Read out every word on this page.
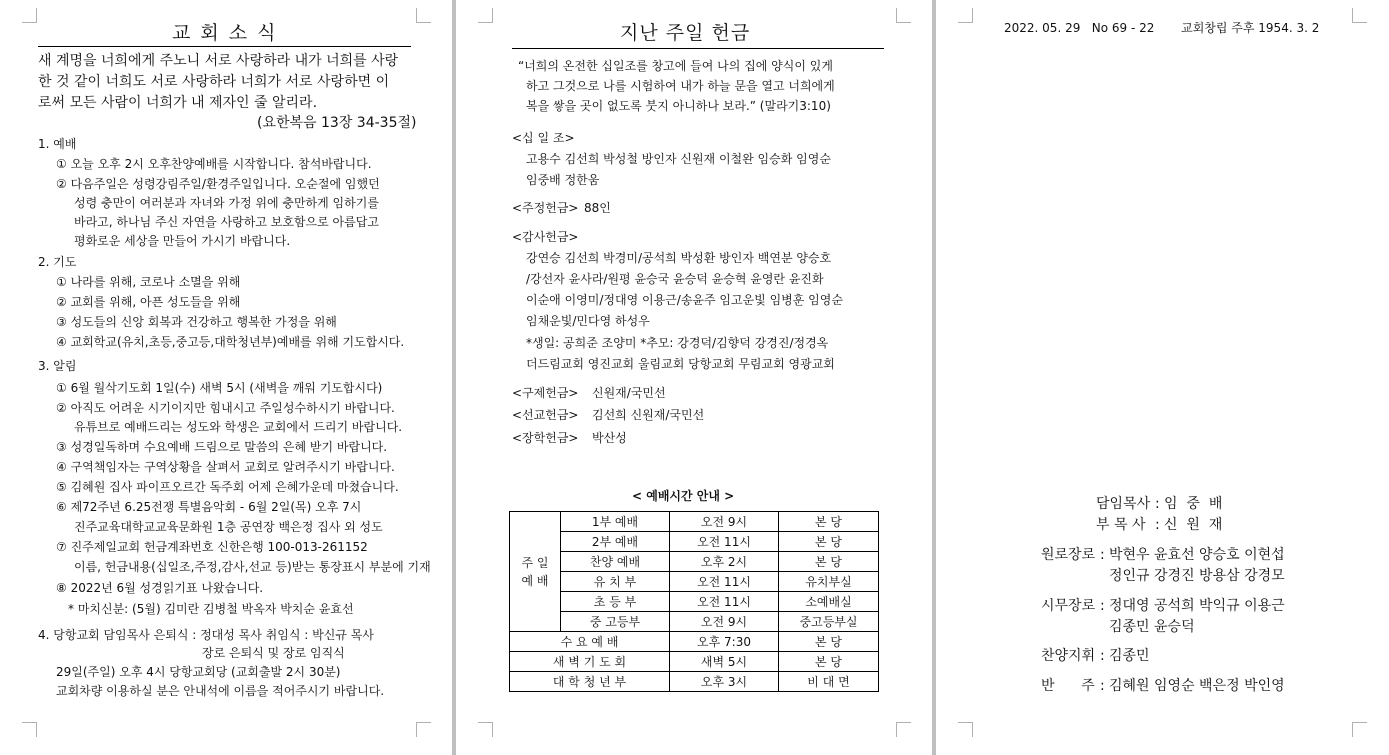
교 회 소 식
새 계명을 너희에게 주노니 서로 사랑하라 내가 너희를 사랑
한 것 같이 너희도 서로 사랑하라 너희가 서로 사랑하면 이
로써 모든 사람이 너희가 내 제자인 줄 알리라.
(요한복음 13장 34-35절)
1. 예배
① 오늘 오후 2시 오후찬양예배를 시작합니다. 참석바랍니다.
② 다음주일은 성령강림주일/환경주일입니다. 오순절에 임했던
성령 충만이 여러분과 자녀와 가정 위에 충만하게 임하기를
바라고, 하나님 주신 자연을 사랑하고 보호함으로 아름답고
평화로운 세상을 만들어 가시기 바랍니다.
2. 기도
① 나라를 위해, 코로나 소멸을 위해
② 교회를 위해, 아픈 성도들을 위해
③ 성도들의 신앙 회복과 건강하고 행복한 가정을 위해
④ 교회학교(유치,초등,중고등,대학청년부)예배를 위해 기도합시다.
3. 알림
① 6월 월삭기도회 1일(수) 새벽 5시 (새벽을 깨워 기도합시다)
② 아직도 어려운 시기이지만 힘내시고 주일성수하시기 바랍니다.
유튜브로 예배드리는 성도와 학생은 교회에서 드리기 바랍니다.
③ 성경일독하며 수요예배 드림으로 말씀의 은혜 받기 바랍니다.
④ 구역책임자는 구역상황을 살펴서 교회로 알려주시기 바랍니다.
⑤ 김혜원 집사 파이프오르간 독주회 어제 은혜가운데 마쳤습니다.
⑥ 제72주년 6.25전쟁 특별음악회 - 6월 2일(목) 오후 7시
진주교육대학교교육문화원 1층 공연장 백은정 집사 외 성도
⑦ 진주제일교회 헌금계좌번호 신한은행 100-013-261152
이름, 헌금내용(십일조,주정,감사,선교 등)받는 통장표시 부분에 기재
⑧ 2022년 6월 성경읽기표 나왔습니다.
* 마치신분: (5월) 김미란 김병철 박옥자 박치순 윤효선
4. 당항교회 담임목사 은퇴식 : 정대성 목사 취임식 : 박신규 목사
장로 은퇴식 및 장로 임직식
29일(주일) 오후 4시 당항교회당 (교회출발 2시 30분)
교회차량 이용하실 분은 안내석에 이름을 적어주시기 바랍니다.
지난 주일 헌금
“너희의 온전한 십일조를 창고에 들여 나의 집에 양식이 있게
하고 그것으로 나를 시험하여 내가 하늘 문을 열고 너희에게
복을 쌓을 곳이 없도록 붓지 아니하나 보라.” (말라기3:10)
<십 일 조>
고용수 김선희 박성철 방인자 신원재 이철완 임승화 임영순
임중배 정한움
<주정헌금> 88인
<감사헌금>
강연승 김선희 박경미/공석희 박성환 방인자 백연분 양승호
/강선자 윤사라/원평 윤승국 윤승덕 윤승혁 윤영란 윤진화
이순애 이영미/정대영 이용근/송윤주 임고운빛 임병훈 임영순
임채운빛/민다영 하성우
*생일: 공희준 조양미 *추모: 강경덕/김향덕 강경진/정경옥
더드림교회 영진교회 울림교회 당항교회 무림교회 영광교회
<구제헌금> 신원재/국민선
<선교헌금> 김선희 신원재/국민선
<장학헌금> 박산성
< 예배시간 안내 >
주 일 예 배	1부 예배	오전 9시	본 당
	2부 예배	오전 11시	본 당
	찬양 예배	오후 2시	본 당
	유 치 부	오전 11시	유치부실
	초 등 부	오전 11시	소예배실
	중 고등부	오전 9시	중고등부실
수 요 예 배		오후 7:30	본 당
새 벽 기 도 회		새벽 5시	본 당
대 학 청 년 부		오후 3시	비 대 면
2022. 05. 29   No 69 - 22       교회창립 주후 1954. 3. 2
담임목사 : 임  중  배
부 목 사 : 신  원  재
원로장로 : 박현우 윤효선 양승호 이현섭
정인규 강경진 방용삼 강경모
시무장로 : 정대영 공석희 박익규 이용근
김종민 윤승덕
찬양지휘 : 김종민
반      주 : 김혜원 임영순 백은정 박인영
